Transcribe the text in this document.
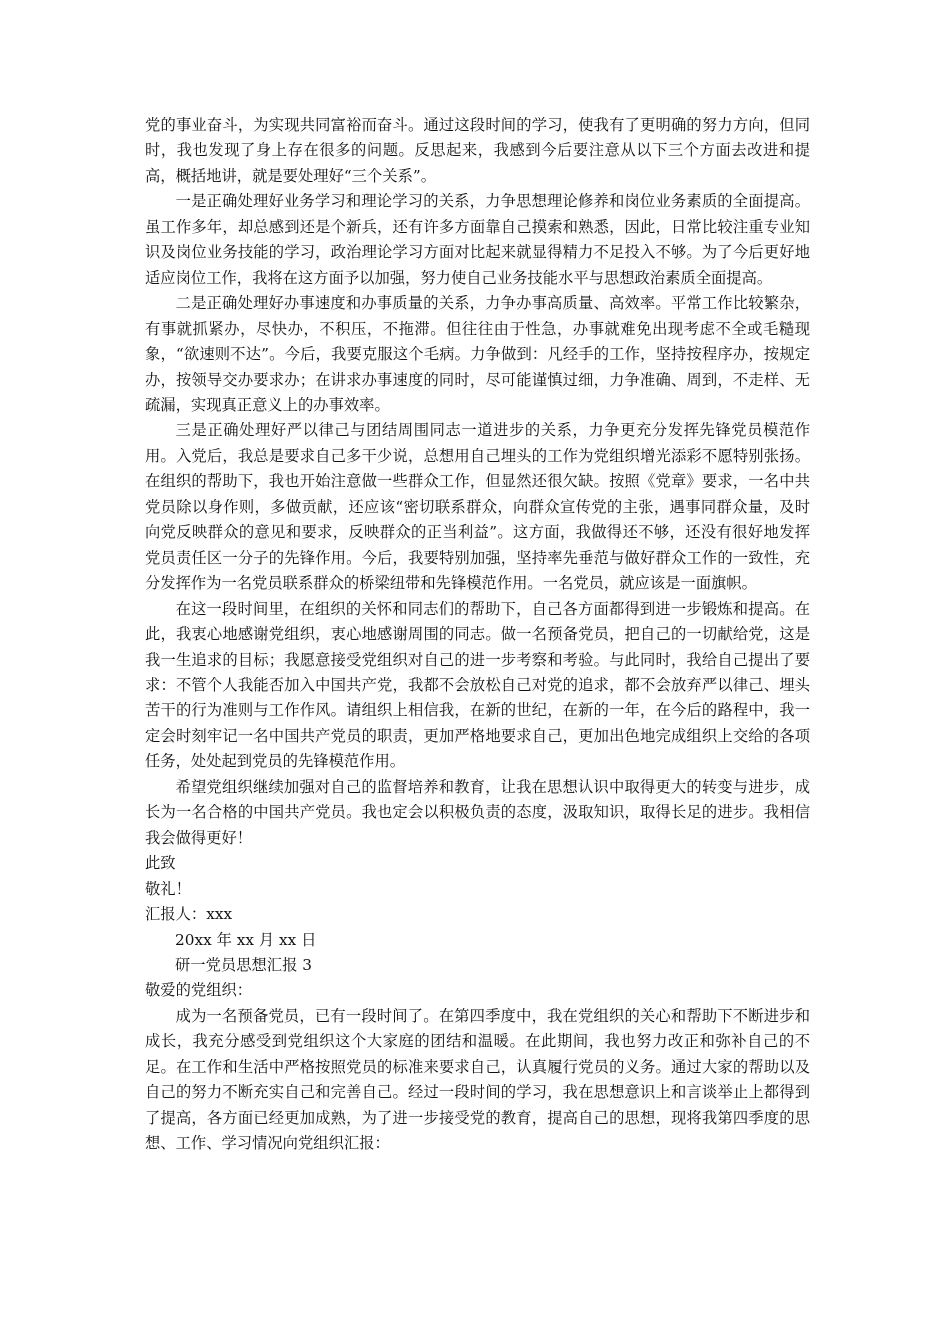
党的事业奋斗，为实现共同富裕而奋斗。通过这段时间的学习，使我有了更明确的努力方向，但同时，我也发现了身上存在很多的问题。反思起来，我感到今后要注意从以下三个方面去改进和提高，概括地讲，就是要处理好“三个关系”。

一是正确处理好业务学习和理论学习的关系，力争思想理论修养和岗位业务素质的全面提高。虽工作多年，却总感到还是个新兵，还有许多方面靠自己摸索和熟悉，因此，日常比较注重专业知识及岗位业务技能的学习，政治理论学习方面对比起来就显得精力不足投入不够。为了今后更好地适应岗位工作，我将在这方面予以加强，努力使自己业务技能水平与思想政治素质全面提高。

二是正确处理好办事速度和办事质量的关系，力争办事高质量、高效率。平常工作比较繁杂，有事就抓紧办，尽快办，不积压，不拖滞。但往往由于性急，办事就难免出现考虑不全或毛糙现象，“欲速则不达”。今后，我要克服这个毛病。力争做到：凡经手的工作，坚持按程序办，按规定办，按领导交办要求办；在讲求办事速度的同时，尽可能谨慎过细，力争准确、周到，不走样、无疏漏，实现真正意义上的办事效率。

三是正确处理好严以律己与团结周围同志一道进步的关系，力争更充分发挥先锋党员模范作用。入党后，我总是要求自己多干少说，总想用自己埋头的工作为党组织增光添彩不愿特别张扬。在组织的帮助下，我也开始注意做一些群众工作，但显然还很欠缺。按照《党章》要求，一名中共党员除以身作则，多做贡献，还应该“密切联系群众，向群众宣传党的主张，遇事同群众量，及时向党反映群众的意见和要求，反映群众的正当利益”。这方面，我做得还不够，还没有很好地发挥党员责任区一分子的先锋作用。今后，我要特别加强，坚持率先垂范与做好群众工作的一致性，充分发挥作为一名党员联系群众的桥梁纽带和先锋模范作用。一名党员，就应该是一面旗帜。

在这一段时间里，在组织的关怀和同志们的帮助下，自己各方面都得到进一步锻炼和提高。在此，我衷心地感谢党组织，衷心地感谢周围的同志。做一名预备党员，把自己的一切献给党，这是我一生追求的目标；我愿意接受党组织对自己的进一步考察和考验。与此同时，我给自己提出了要求：不管个人我能否加入中国共产党，我都不会放松自己对党的追求，都不会放弃严以律己、埋头苦干的行为准则与工作作风。请组织上相信我，在新的世纪，在新的一年，在今后的路程中，我一定会时刻牢记一名中国共产党员的职责，更加严格地要求自己，更加出色地完成组织上交给的各项任务，处处起到党员的先锋模范作用。

希望党组织继续加强对自己的监督培养和教育，让我在思想认识中取得更大的转变与进步，成长为一名合格的中国共产党员。我也定会以积极负责的态度，汲取知识，取得长足的进步。我相信我会做得更好！

此致

敬礼！

汇报人：xxx

20xx 年 xx 月 xx 日

研一党员思想汇报 3

敬爱的党组织：

成为一名预备党员，已有一段时间了。在第四季度中，我在党组织的关心和帮助下不断进步和成长，我充分感受到党组织这个大家庭的团结和温暖。在此期间，我也努力改正和弥补自己的不足。在工作和生活中严格按照党员的标准来要求自己，认真履行党员的义务。通过大家的帮助以及自己的努力不断充实自己和完善自己。经过一段时间的学习，我在思想意识上和言谈举止上都得到了提高，各方面已经更加成熟，为了进一步接受党的教育，提高自己的思想，现将我第四季度的思想、工作、学习情况向党组织汇报：
